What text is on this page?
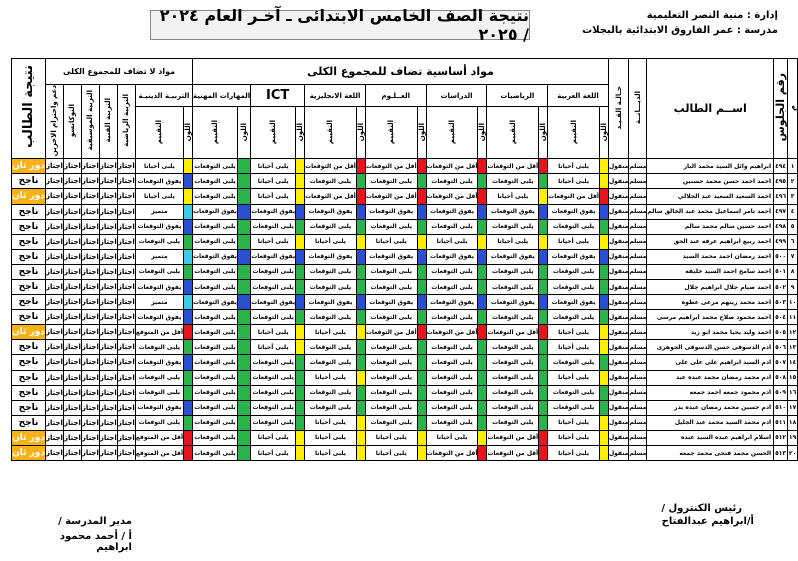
نتيجة الصف الخامس الابتدائى ـ آخـر العام ٢٠٢٤ / ٢٠٢٥
إدارة : منية النصر التعليمية
مدرسة : عمر الفاروق الابتدائية بالبجلات
م	رقم الجلوس	اســم الطالب	الديـــانــة	حـالـة القـيـد	مواد أساسية تضاف للمجموع الكلى														مواد لا تضاف للمجموع الكلى							نتيجة الطالب
					اللغة العربية		الرياضيات		الدراسات		العــلـوم		اللغة الانجليزية		ICT		المهارات المهنية		التربيـة الدينيـة		التربية الرياضية	التربية الفنية	التربية الموسيقية	التوكاتسو	دعم واحترام الاخرين	
					اللون	التقييم	اللون	التقييم	اللون	التقييم	اللون	التقييم	اللون	التقييم	اللون	التقييم	اللون	التقييم	اللون	التقييم						
١	٤٩٤	ابراهيم وائل السيد محمد الباز	مسلم	منقول		يلبى أحيانا		أقل من التوقعات		أقل من التوقعات		أقل من التوقعات		أقل من التوقعات		يلبى أحيانا		يلبى التوقعات		يلبى أحيانا	اجتاز	اجتاز	اجتاز	اجتاز	اجتاز	دور ثان
٢	٤٩٥	احمد احمد حسن محمد حسنين	مسلم	منقول		يلبى أحيانا		يلبى التوقعات		يلبى التوقعات		يلبى التوقعات		يلبى التوقعات		يلبى أحيانا		يلبى التوقعات		يفوق التوقعات	اجتاز	اجتاز	اجتاز	اجتاز	اجتاز	ناجح
٣	٤٩٦	احمد السعيد السعيد عبد الجلالي	مسلم	منقول		أقل من التوقعات		يلبى أحيانا		أقل من التوقعات		أقل من التوقعات		أقل من التوقعات		يلبى أحيانا		يلبى التوقعات		يلبى أحيانا	اجتاز	اجتاز	اجتاز	اجتاز	اجتاز	دور ثان
٤	٤٩٧	احمد تامر اسماعيل محمد عبد الخالق سالم	مسلم	منقول		يفوق التوقعات		يفوق التوقعات		يفوق التوقعات		يفوق التوقعات		يفوق التوقعات		يفوق التوقعات		يفوق التوقعات		متميز	اجتاز	اجتاز	اجتاز	اجتاز	اجتاز	ناجح
٥	٤٩٨	احمد حسين سالم محمد سالم	مسلم	منقول		يلبى التوقعات		يلبى التوقعات		يلبى التوقعات		يلبى التوقعات		يلبى التوقعات		يلبى التوقعات		يلبى التوقعات		يفوق التوقعات	اجتاز	اجتاز	اجتاز	اجتاز	اجتاز	ناجح
٦	٤٩٩	احمد ربيع ابراهيم عرفه عبد الحق	مسلم	منقول		يلبى أحيانا		يلبى أحيانا		يلبى أحيانا		يلبى أحيانا		يلبى أحيانا		يلبى أحيانا		يلبى التوقعات		يلبى التوقعات	اجتاز	اجتاز	اجتاز	اجتاز	اجتاز	ناجح
٧	٥٠٠	احمد رمضان احمد محمد السيد	مسلم	منقول		يفوق التوقعات		يفوق التوقعات		يفوق التوقعات		يفوق التوقعات		يفوق التوقعات		يفوق التوقعات		يفوق التوقعات		متميز	اجتاز	اجتاز	اجتاز	اجتاز	اجتاز	ناجح
٨	٥٠١	احمد سامح احمد السيد خليفه	مسلم	منقول		يلبى التوقعات		يلبى التوقعات		يلبى التوقعات		يلبى التوقعات		يلبى التوقعات		يلبى التوقعات		يلبى التوقعات		يلبى التوقعات	اجتاز	اجتاز	اجتاز	اجتاز	اجتاز	ناجح
٩	٥٠٢	احمد صيام جلال ابراهيم جلال	مسلم	منقول		يلبى التوقعات		يلبى التوقعات		يلبى التوقعات		يلبى التوقعات		يلبى التوقعات		يلبى التوقعات		يلبى التوقعات		يفوق التوقعات	اجتاز	اجتاز	اجتاز	اجتاز	اجتاز	ناجح
١٠	٥٠٣	احمد محمد زينهم مرعى عطوه	مسلم	منقول		يفوق التوقعات		يفوق التوقعات		يفوق التوقعات		يفوق التوقعات		يفوق التوقعات		يفوق التوقعات		يفوق التوقعات		متميز	اجتاز	اجتاز	اجتاز	اجتاز	اجتاز	ناجح
١١	٥٠٤	احمد محمود صلاح محمد ابراهيم مرسى	مسلم	منقول		يلبى التوقعات		يلبى التوقعات		يلبى التوقعات		يلبى التوقعات		يلبى التوقعات		يلبى التوقعات		يلبى التوقعات		يفوق التوقعات	اجتاز	اجتاز	اجتاز	اجتاز	اجتاز	ناجح
١٢	٥٠٥	احمد وليد يحيا محمد ابو زيد	مسلم	منقول		يلبى أحيانا		أقل من التوقعات		أقل من التوقعات		أقل من التوقعات		يلبى أحيانا		يلبى أحيانا		يلبى التوقعات		أقل من المتوقع	اجتاز	اجتاز	اجتاز	اجتاز	اجتاز	دور ثان
١٣	٥٠٦	ادم الدسوقى حسن الدسوقى الجوهرى	مسلم	منقول		يلبى أحيانا		يلبى التوقعات		يلبى التوقعات		يلبى التوقعات		يلبى التوقعات		يلبى أحيانا		يلبى التوقعات		يلبى التوقعات	اجتاز	اجتاز	اجتاز	اجتاز	اجتاز	ناجح
١٤	٥٠٧	ادم السيد ابراهيم على على على	مسلم	منقول		يلبى التوقعات		يلبى التوقعات		يلبى التوقعات		يلبى التوقعات		يلبى التوقعات		يلبى التوقعات		يلبى التوقعات		يفوق التوقعات	اجتاز	اجتاز	اجتاز	اجتاز	اجتاز	ناجح
١٥	٥٠٨	ادم محمد رمضان محمد عبده عبد	مسلم	منقول		يلبى أحيانا		يلبى التوقعات		يلبى التوقعات		يلبى التوقعات		يلبى أحيانا		يلبى التوقعات		يلبى التوقعات		يلبى التوقعات	اجتاز	اجتاز	اجتاز	اجتاز	اجتاز	ناجح
١٦	٥٠٩	ادم محمود جمعه احمد جمعه	مسلم	منقول		يلبى التوقعات		يلبى التوقعات		يلبى التوقعات		يلبى التوقعات		يلبى التوقعات		يلبى التوقعات		يلبى التوقعات		يلبى التوقعات	اجتاز	اجتاز	اجتاز	اجتاز	اجتاز	ناجح
١٧	٥١٠	ادم حسين محمد رمضان عبده بدر	مسلم	منقول		يلبى التوقعات		يلبى التوقعات		يلبى التوقعات		يلبى التوقعات		يلبى التوقعات		يلبى التوقعات		يلبى التوقعات		يفوق التوقعات	اجتاز	اجتاز	اجتاز	اجتاز	اجتاز	ناجح
١٨	٥١١	ادم محمد السيد محمد عبد الجليل	مسلم	منقول		يلبى أحيانا		يلبى التوقعات		يلبى التوقعات		يلبى التوقعات		يلبى أحيانا		يلبى التوقعات		يلبى التوقعات		يلبى التوقعات	اجتاز	اجتاز	اجتاز	اجتاز	اجتاز	ناجح
١٩	٥١٢	اسلام ابراهيم عبده السيد عبده	مسلم	منقول		يلبى أحيانا		أقل من التوقعات		يلبى أحيانا		يلبى أحيانا		يلبى أحيانا		يلبى أحيانا		يلبى التوقعات		أقل من المتوقع	اجتاز	اجتاز	اجتاز	اجتاز	اجتاز	دور ثان
٢٠	٥١٣	الحسن محمد فتحى محمد جمعه	مسلم	منقول		يلبى أحيانا		أقل من التوقعات		أقل من التوقعات		يلبى أحيانا		يلبى أحيانا		يلبى أحيانا		يلبى التوقعات		أقل من المتوقع	اجتاز	اجتاز	اجتاز	اجتاز	اجتاز	دور ثان
رئيس الكنترول /
أ/ابراهيم عبدالفتاح
مدير المدرسة /
أ / أحمد محمود ابراهيم
